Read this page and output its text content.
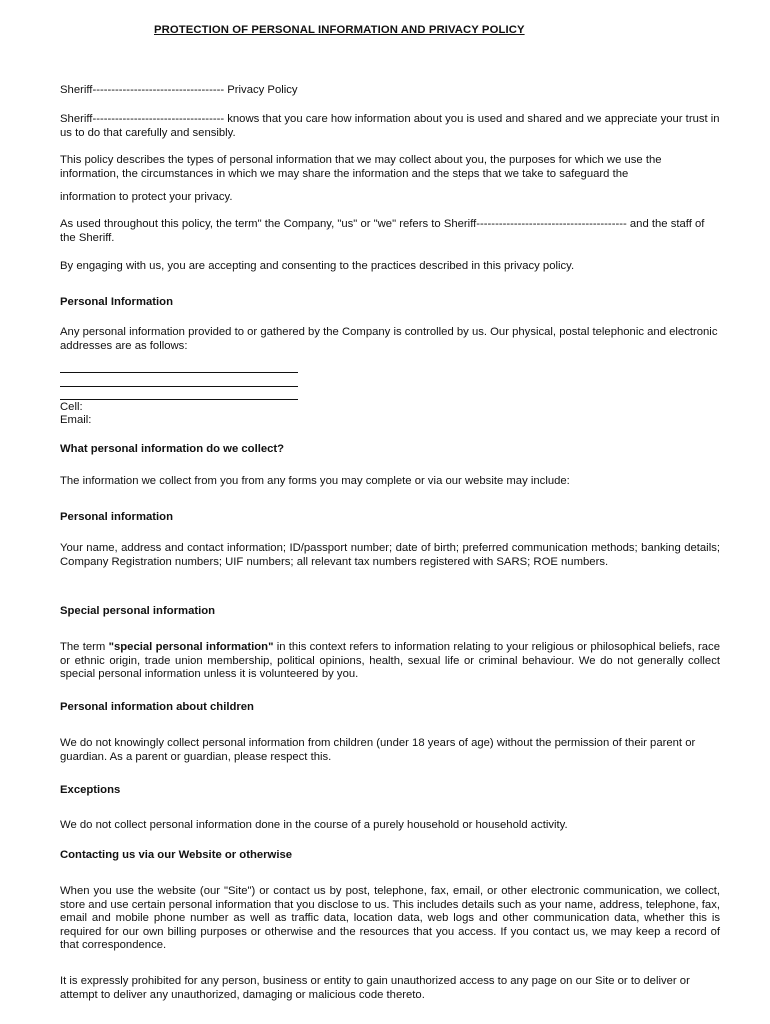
PROTECTION OF PERSONAL INFORMATION AND PRIVACY POLICY

Sheriff----------------------------------- Privacy Policy

Sheriff----------------------------------- knows that you care how information about you is used and shared and we appreciate your trust in us to do that carefully and sensibly.

This policy describes the types of personal information that we may collect about you, the purposes for which we use the information, the circumstances in which we may share the information and the steps that we take to safeguard the

information to protect your privacy.

As used throughout this policy, the term" the Company, "us" or "we" refers to Sheriff---------------------------------------- and the staff of the Sheriff.

By engaging with us, you are accepting and consenting to the practices described in this privacy policy.

Personal Information

Any personal information provided to or gathered by the Company is controlled by us. Our physical, postal telephonic and electronic addresses are as follows:

Cell:

Email:

What personal information do we collect?

The information we collect from you from any forms you may complete or via our website may include:

Personal information

Your name, address and contact information; ID/passport number; date of birth; preferred communication methods; banking details; Company Registration numbers; UIF numbers; all relevant tax numbers registered with SARS; ROE numbers.

Special personal information

The term "special personal information" in this context refers to information relating to your religious or philosophical beliefs, race or ethnic origin, trade union membership, political opinions, health, sexual life or criminal behaviour. We do not generally collect special personal information unless it is volunteered by you.

Personal information about children

We do not knowingly collect personal information from children (under 18 years of age) without the permission of their parent or guardian. As a parent or guardian, please respect this.

Exceptions

We do not collect personal information done in the course of a purely household or household activity.

Contacting us via our Website or otherwise

When you use the website (our "Site") or contact us by post, telephone, fax, email, or other electronic communication, we collect, store and use certain personal information that you disclose to us. This includes details such as your name, address, telephone, fax, email and mobile phone number as well as traffic data, location data, web logs and other communication data, whether this is required for our own billing purposes or otherwise and the resources that you access. If you contact us, we may keep a record of that correspondence.

It is expressly prohibited for any person, business or entity to gain unauthorized access to any page on our Site or to deliver or attempt to deliver any unauthorized, damaging or malicious code thereto.
